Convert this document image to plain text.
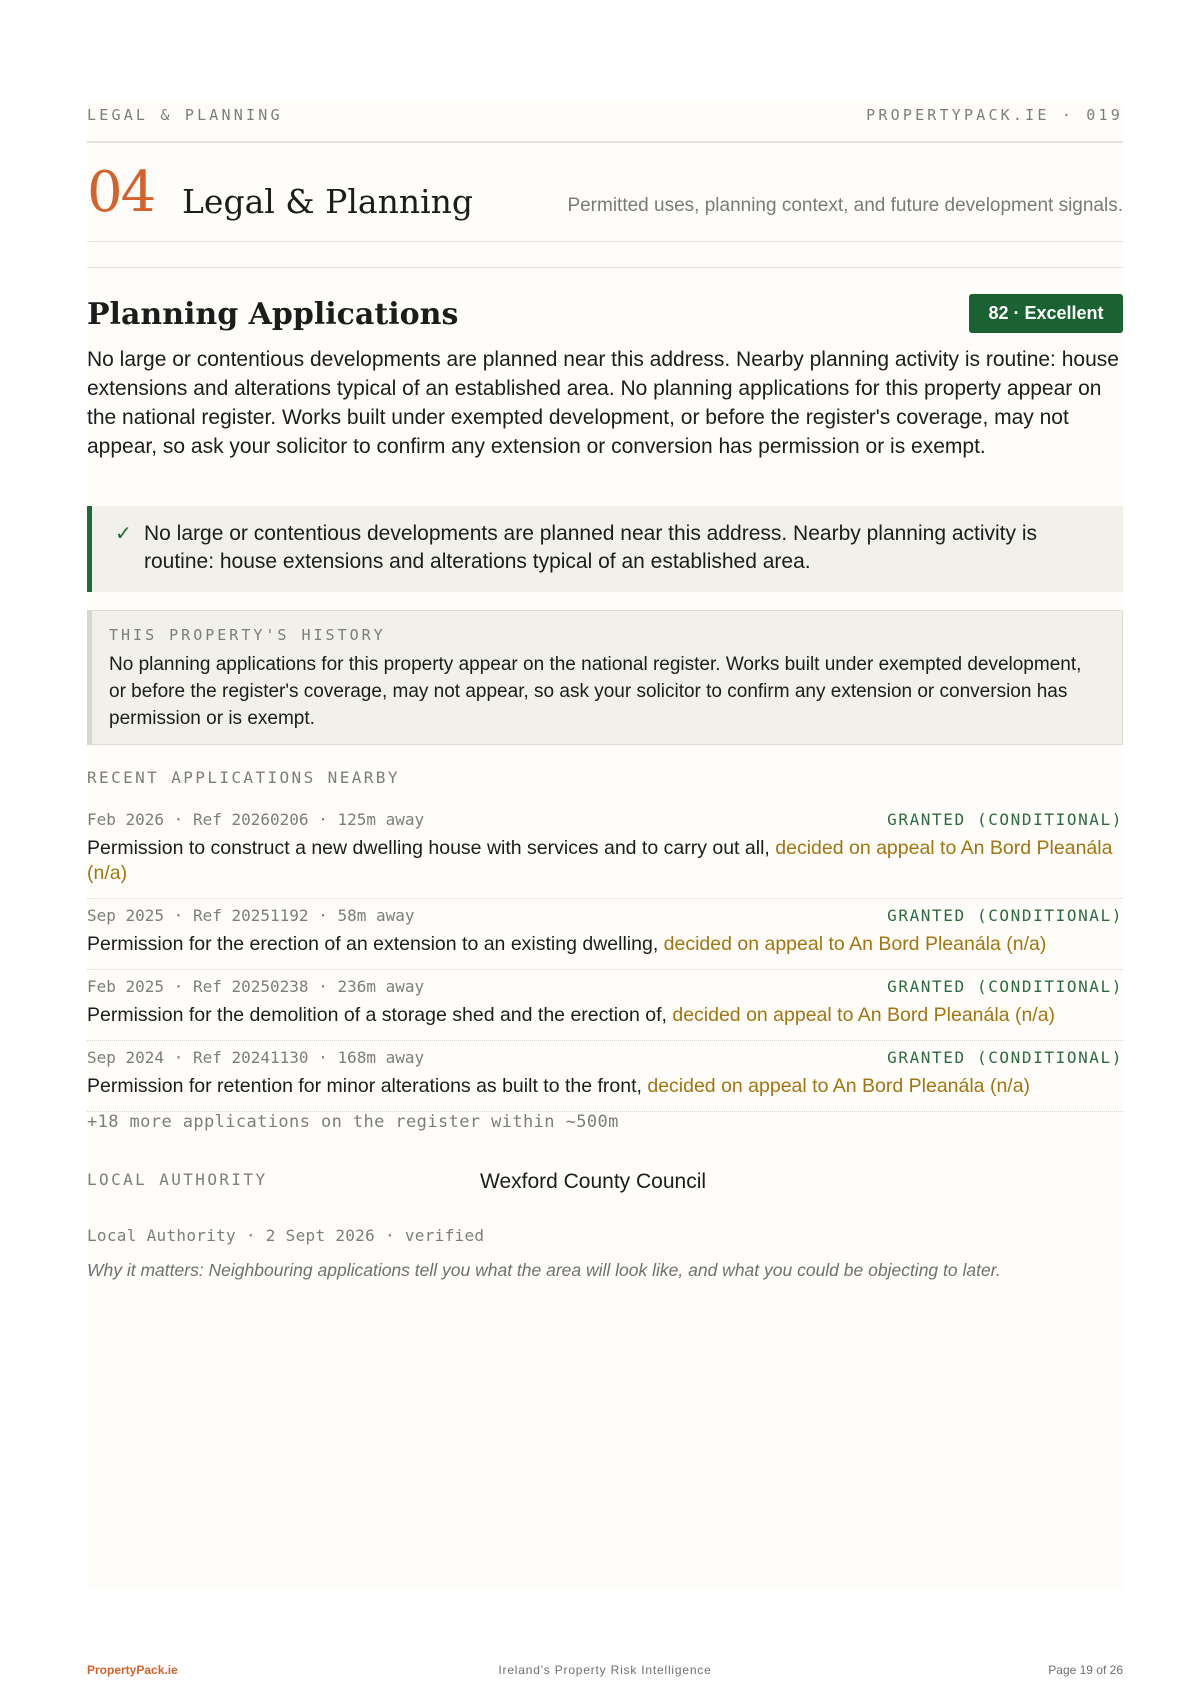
LEGAL & PLANNING	PROPERTYPACK.IE · 019
04 Legal & Planning	Permitted uses, planning context, and future development signals.
Planning Applications	82 · Excellent
No large or contentious developments are planned near this address. Nearby planning activity is routine: house extensions and alterations typical of an established area. No planning applications for this property appear on the national register. Works built under exempted development, or before the register's coverage, may not appear, so ask your solicitor to confirm any extension or conversion has permission or is exempt.
✓ No large or contentious developments are planned near this address. Nearby planning activity is routine: house extensions and alterations typical of an established area.
THIS PROPERTY'S HISTORY
No planning applications for this property appear on the national register. Works built under exempted development, or before the register's coverage, may not appear, so ask your solicitor to confirm any extension or conversion has permission or is exempt.
RECENT APPLICATIONS NEARBY
Feb 2026 · Ref 20260206 · 125m away	GRANTED (CONDITIONAL)
Permission to construct a new dwelling house with services and to carry out all, decided on appeal to An Bord Pleanála (n/a)
Sep 2025 · Ref 20251192 · 58m away	GRANTED (CONDITIONAL)
Permission for the erection of an extension to an existing dwelling, decided on appeal to An Bord Pleanála (n/a)
Feb 2025 · Ref 20250238 · 236m away	GRANTED (CONDITIONAL)
Permission for the demolition of a storage shed and the erection of, decided on appeal to An Bord Pleanála (n/a)
Sep 2024 · Ref 20241130 · 168m away	GRANTED (CONDITIONAL)
Permission for retention for minor alterations as built to the front, decided on appeal to An Bord Pleanála (n/a)
+18 more applications on the register within ~500m
LOCAL AUTHORITY	Wexford County Council
Local Authority · 2 Sept 2026 · verified
Why it matters: Neighbouring applications tell you what the area will look like, and what you could be objecting to later.
Ireland's Property Risk Intelligence
PropertyPack.ie	Page 19 of 26
